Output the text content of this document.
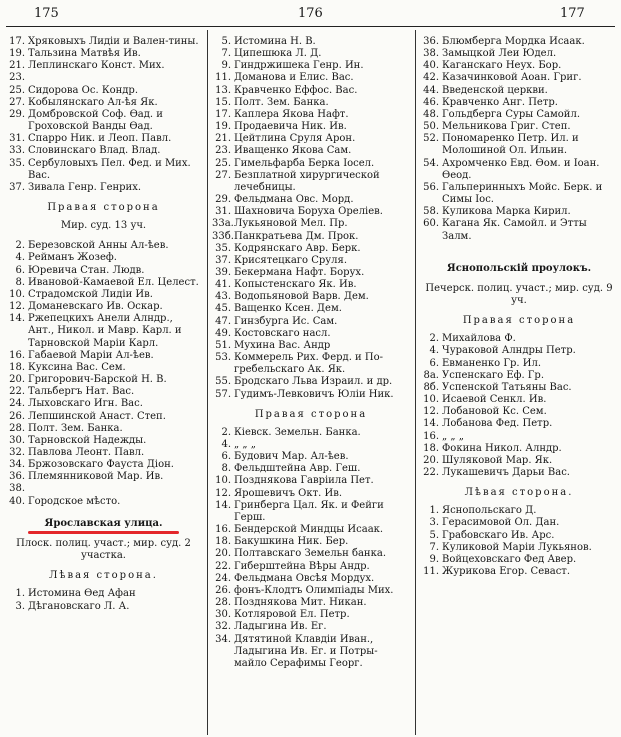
175	176	177
17. Хряковыхъ Лидіи и Вален-тины.
19. Тальзина Матвѣя Ив.
21. Леплинскаго Конст. Мих.
23.
25. Сидорова Ос. Кондр.
27. Кобылянскаго Ал-ѣя Як.
29. Домбровской Соф. Өад. и Гроховской Ванды Өад.
31. Спарро Ник. и Леоп. Павл.
33. Словинскаго Влад. Влад.
35. Сербуловыхъ Пел. Фед. и Мих. Вас.
37. Зивала Генр. Генрих.
Правая сторона
Мир. суд. 13 уч.
2. Березовской Анны Ал-ѣев.
4. Рейманъ Жозеф.
6. Юревича Стан. Людв.
8. Ивановой-Камаевой Ел. Целест.
10. Страдомской Лидіи Ив.
12. Доманевскаго Ив. Оскар.
14. Ржепецкихъ Анели Алндр., Ант., Никол. и Мавр. Карл. и Тарновской Маріи Карл.
16. Габаевой Маріи Ал-ѣев.
18. Куксина Вас. Сем.
20. Григорович-Барской Н. В.
22. Тальбергъ Нат. Вас.
24. Лыховскаго Игн. Вас.
26. Лепшинской Анаст. Степ.
28. Полт. Зем. Банка.
30. Тарновской Надежды.
32. Павлова Леонт. Павл.
34. Бржозовскаго Фауста Діон.
36. Племянниковой Мар. Ив.
38.
40. Городское мѣсто.
Ярославская улица.
Плоск. полиц. участ.; мир. суд. 2 участка.
Лѣвая сторона.
1. Истомина Өед Афан
3. Дѣгановскаго Л. А.
5. Истомина Н. В.
7. Ципешюка Л. Д.
9. Гиндржишека Генр. Ин.
11. Доманова и Елис. Вас.
13. Кравченко Еффос. Вас.
15. Полт. Зем. Банка.
17. Каплера Якова Нафт.
19. Продаевича Ник. Ив.
21. Цейтлина Сруля Арон.
23. Иващенко Якова Сам.
25. Гимельфарба Берка Іосел.
27. Безплатной хирургической лечебницы.
29. Фельдмана Овс. Морд.
31. Шахновича Боруха Ореліев.
33а. Лукьяновой Мел. Пр.
33б. Панкратьева Дм. Прок.
35. Кодрянскаго Авр. Берк.
37. Крисятецкаго Сруля.
39. Бекермана Нафт. Борух.
41. Копыстенскаго Як. Ив.
43. Водопьяновой Варв. Дем.
45. Ващенко Ксен. Дем.
47. Гинзбурга Ис. Сам.
49. Костовскаго насл.
51. Мухина Вас. Андр
53. Коммерель Рих. Ферд. и По-гребельскаго Ак. Як.
55. Бродскаго Льва Израил. и др.
57. Гудимъ-Левковичъ Юліи Ник.
Правая сторона
2. Кіевск. Земельн. Банка.
4. „ „ „
6. Будович Мар. Ал-ѣев.
8. Фельдштейна Авр. Геш.
10. Позднякова Гавріила Пет.
12. Ярошевичъ Окт. Ив.
14. Гринберга Цал. Як. и Фейги Герш.
16. Бендерской Миндцы Исаак.
18. Бакушкина Ник. Бер.
20. Полтавскаго Земельн банка.
22. Гиберштейна Вѣры Андр.
24. Фельдмана Овсѣя Мордух.
26. фонъ-Клодтъ Олимпіады Мих.
28. Позднякова Мит. Никан.
30. Котляровой Ел. Петр.
32. Ладыгина Ив. Ег.
34. Дятятиной Клавдіи Иван., Ладыгина Ив. Ег. и Потры-майло Серафимы Георг.
36. Блюмберга Мордка Исаак.
38. Замыцкой Леи Юдел.
40. Каганскаго Неух. Бор.
42. Казачинковой Аоан. Григ.
44. Введенской церкви.
46. Кравченко Анг. Петр.
48. Гольдберга Суры Самойл.
50. Мельникова Григ. Степ.
52. Пономаренко Петр. Ил. и Молошиной Ол. Ильин.
54. Ахромченко Евд. Өом. и Іоан. Өеод.
56. Гальперинныхъ Мойс. Берк. и Симы Іос.
58. Куликова Марка Кирил.
60. Кагана Як. Самойл. и Этты Залм.
Яснопольскій проулокъ.
Печерск. полиц. участ.; мир. суд. 9 уч.
Правая сторона
2. Михайлова Ф.
4. Чураковой Алндры Петр.
6. Евманенко Гр. Ил.
8а. Успенскаго Еф. Гр.
8б. Успенской Татьяны Вас.
10. Исаевой Сенкл. Ив.
12. Лобановой Кс. Сем.
14. Лобанова Фед. Петр.
16. „ „ „
18. Фокина Никол. Алндр.
20. Шуляковой Мар. Як.
22. Лукашевичъ Дарьи Вас.
Лѣвая сторона.
1. Яснопольскаго Д.
3. Герасимовой Ол. Дан.
5. Грабовскаго Ив. Арс.
7. Куликовой Маріи Лукьянов.
9. Войцеховскаго Фед Авер.
11. Журикова Егор. Севаст.
